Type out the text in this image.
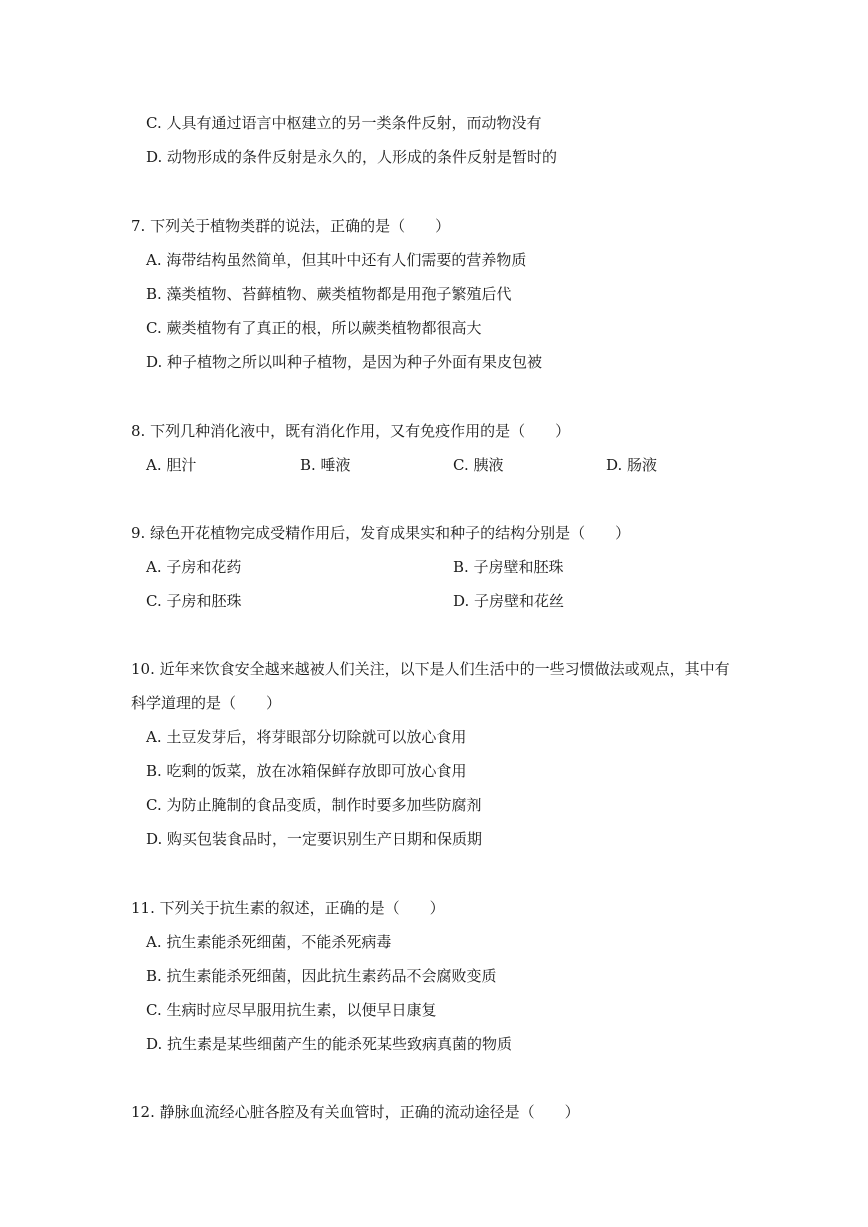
C. 人具有通过语言中枢建立的另一类条件反射，而动物没有
D. 动物形成的条件反射是永久的，人形成的条件反射是暂时的
7. 下列关于植物类群的说法，正确的是（　　）
A. 海带结构虽然简单，但其叶中还有人们需要的营养物质
B. 藻类植物、苔藓植物、蕨类植物都是用孢子繁殖后代
C. 蕨类植物有了真正的根，所以蕨类植物都很高大
D. 种子植物之所以叫种子植物，是因为种子外面有果皮包被
8. 下列几种消化液中，既有消化作用，又有免疫作用的是（　　）
A. 胆汁	B. 唾液	C. 胰液	D. 肠液
9. 绿色开花植物完成受精作用后，发育成果实和种子的结构分别是（　　）
A. 子房和花药	B. 子房壁和胚珠
C. 子房和胚珠	D. 子房壁和花丝
10. 近年来饮食安全越来越被人们关注，以下是人们生活中的一些习惯做法或观点，其中有
科学道理的是（　　）
A. 土豆发芽后，将芽眼部分切除就可以放心食用
B. 吃剩的饭菜，放在冰箱保鲜存放即可放心食用
C. 为防止腌制的食品变质，制作时要多加些防腐剂
D. 购买包装食品时，一定要识别生产日期和保质期
11. 下列关于抗生素的叙述，正确的是（　　）
A. 抗生素能杀死细菌，不能杀死病毒
B. 抗生素能杀死细菌，因此抗生素药品不会腐败变质
C. 生病时应尽早服用抗生素，以便早日康复
D. 抗生素是某些细菌产生的能杀死某些致病真菌的物质
12. 静脉血流经心脏各腔及有关血管时，正确的流动途径是（　　）
